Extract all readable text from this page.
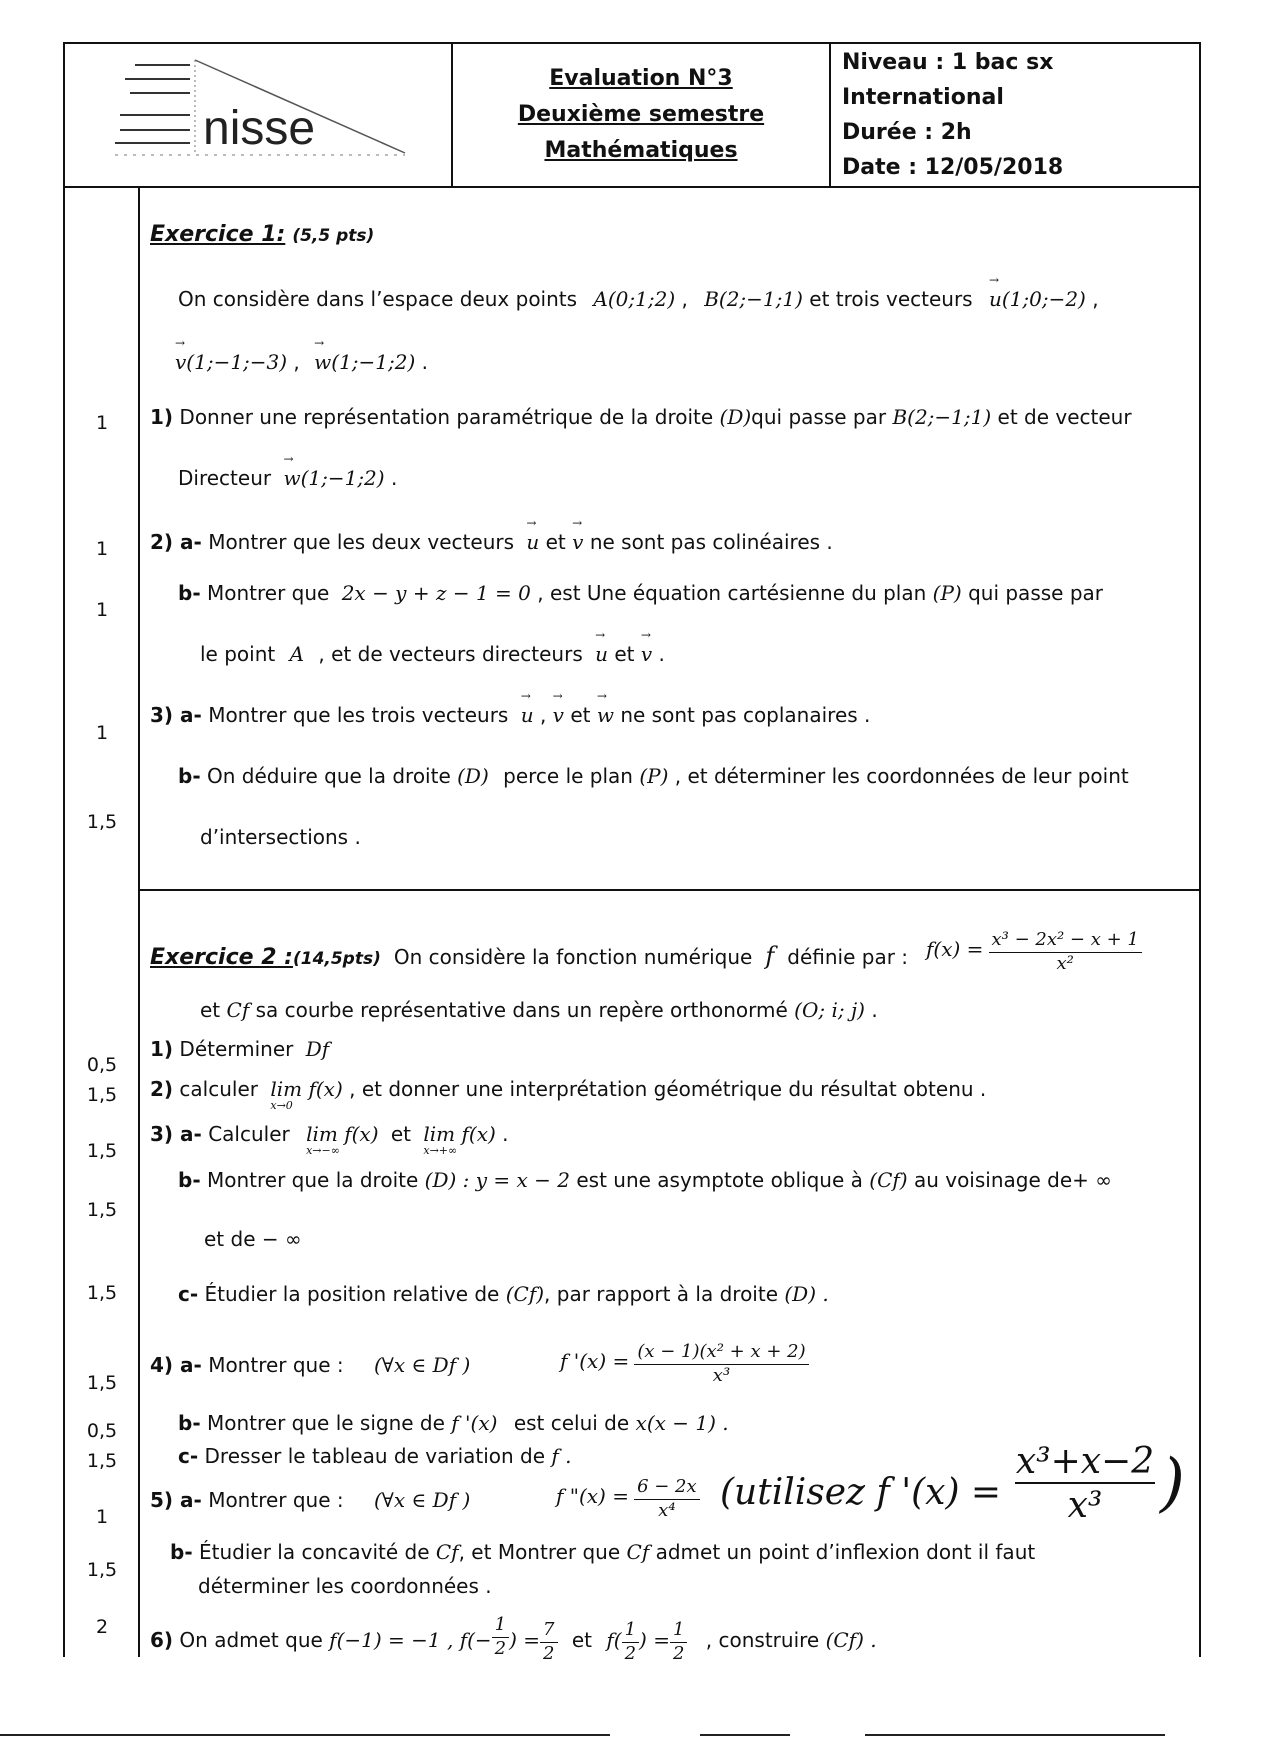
nisse
Evaluation N°3
Deuxième semestre
Mathématiques
Niveau : 1 bac sx
International
Durée : 2h
Date : 12/05/2018
Exercice 1: (5,5 pts)
On considère dans l’espace deux points A(0;1;2) , B(2;−1;1) et trois vecteurs → u(1;0;−2) ,
→ v(1;−1;−3) , → w(1;−1;2) .
1) Donner une représentation paramétrique de la droite (D)qui passe par B(2;−1;1) et de vecteur
Directeur → w(1;−1;2) .
2) a- Montrer que les deux vecteurs → u et → v ne sont pas colinéaires .
b- Montrer que 2x − y + z − 1 = 0 , est Une équation cartésienne du plan (P) qui passe par
le point A , et de vecteurs directeurs → u et → v .
3) a- Montrer que les trois vecteurs → u , → v et → w ne sont pas coplanaires .
b- On déduire que la droite (D) perce le plan (P) , et déterminer les coordonnées de leur point
d’intersections .
1
1
1
1
1,5
Exercice 2 :(14,5pts) On considère la fonction numérique f définie par : $f(x) = \frac{\text{x³ − 2x² − x + 1}}{\text{x²}}$
et Cf sa courbe représentative dans un repère orthonormé (O; i; j) .
1) Déterminer Df
2) calculer lim f(x)
x→0
, et donner une interprétation géométrique du résultat obtenu .
3) a- Calculer lim f(x)
x→−∞
et lim f(x)
x→+∞
.
b- Montrer que la droite (D) : y = x − 2 est une asymptote oblique à (Cf) au voisinage de+ ∞
et de − ∞
c- Étudier la position relative de (Cf), par rapport à la droite (D) .
4) a- Montrer que : (∀x ∈ Df )	f '$(x) = \frac{\text{(x − 1)(x² + x + 2)}}{\text{x³}}$
b- Montrer que le signe de f '(x) est celui de x(x − 1) .
c- Dresser le tableau de variation de f .
5) a- Montrer que : (∀x ∈ Df )	f "$(x) = \frac{6 - 2x}{\text{x⁴}}$ (utilisez f '(x) =
x³+x−2
x³ )
b- Étudier la concavité de Cf, et Montrer que Cf admet un point d’inflexion dont il faut
déterminer les coordonnées .
6) On admet que f(−1) = −1 , $f(- \frac{1}{2}$ ) = $\frac{7}{2}$ et $f( \frac{1}{2}$ ) = $\frac{1}{2}$ , construire (Cf) .
0,5
1,5
1,5
1,5
1,5
1,5
0,5
1,5
1
1,5
2
